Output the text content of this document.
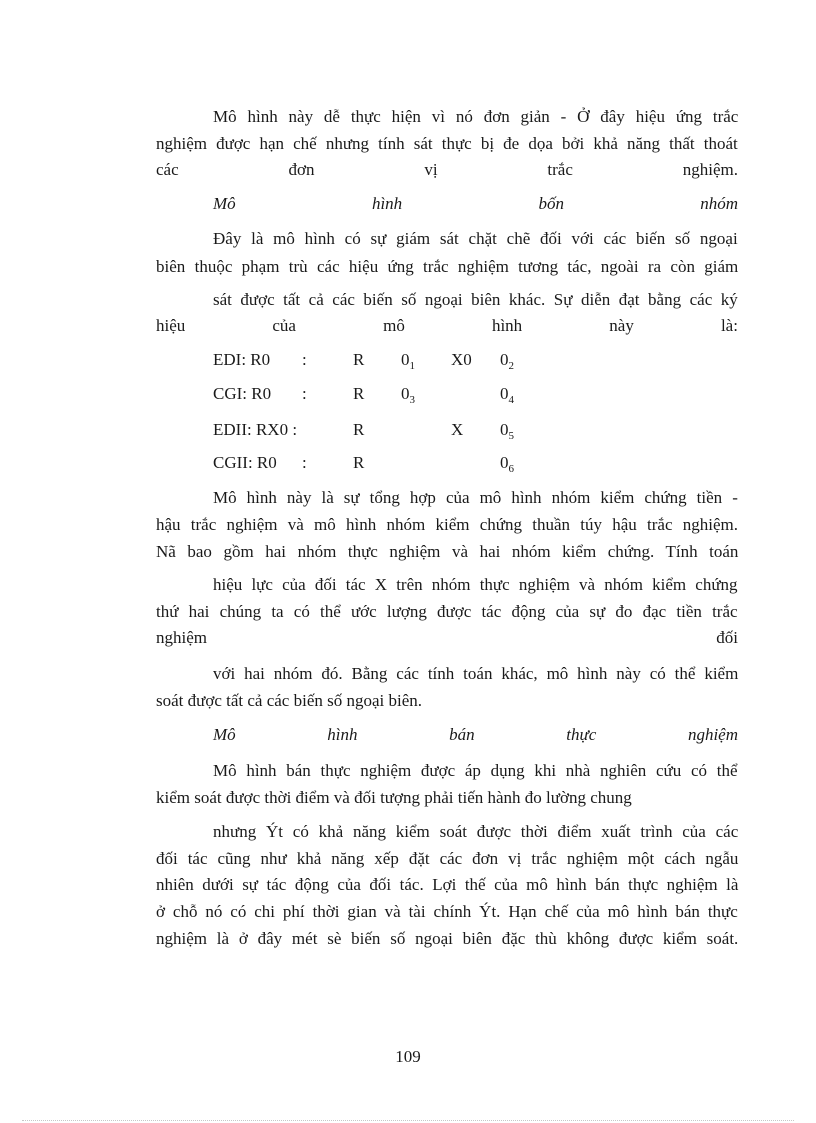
Mô hình này dễ thực hiện vì nó đơn giản - Ở đây hiệu ứng trắc
nghiệm được hạn chế nhưng tính sát thực bị đe dọa bởi khả năng thất thoát
các	đơn	vị	trắc	nghiệm.
Mô	hình	bốn	nhóm
Đây là mô hình có sự giám sát chặt chẽ đối với các biến số ngoại
biên thuộc phạm trù các hiệu ứng trắc nghiệm tương tác, ngoài ra còn giám
sát được tất cả các biến số ngoại biên khác. Sự diễn đạt bằng các ký
hiệu	của	mô	hình	này	là:
EDI: R0 :	R $0_1$ X0 $0_2$
CGI: R0 :	R $0_3$	$0_4$
EDII: RX0 :	R	X $0_5$
CGII: R0 :	R	$0_6$
Mô hình này là sự tổng hợp của mô hình nhóm kiểm chứng tiền -
hậu trắc nghiệm và mô hình nhóm kiểm chứng thuần túy hậu trắc nghiệm.
Nã bao gồm hai nhóm thực nghiệm và hai nhóm kiểm chứng. Tính toán
hiệu lực của đối tác X trên nhóm thực nghiệm và nhóm kiểm chứng
thứ hai chúng ta có thể ước lượng được tác động của sự đo đạc tiền trắc
nghiệm	đối
với hai nhóm đó. Bằng các tính toán khác, mô hình này có thể kiểm
soát được tất cả các biến số ngoại biên.
Mô	hình	bán	thực	nghiệm
Mô hình bán thực nghiệm được áp dụng khi nhà nghiên cứu có thể
kiểm soát được thời điểm và đối tượng phải tiến hành đo lường chung
nhưng Ýt có khả năng kiểm soát được thời điểm xuất trình của các
đối tác cũng như khả năng xếp đặt các đơn vị trắc nghiệm một cách ngẫu
nhiên dưới sự tác động của đối tác. Lợi thế của mô hình bán thực nghiệm là
ở chỗ nó có chi phí thời gian và tài chính Ýt. Hạn chế của mô hình bán thực
nghiệm là ở đây mét sè biến số ngoại biên đặc thù không được kiểm soát.
109
